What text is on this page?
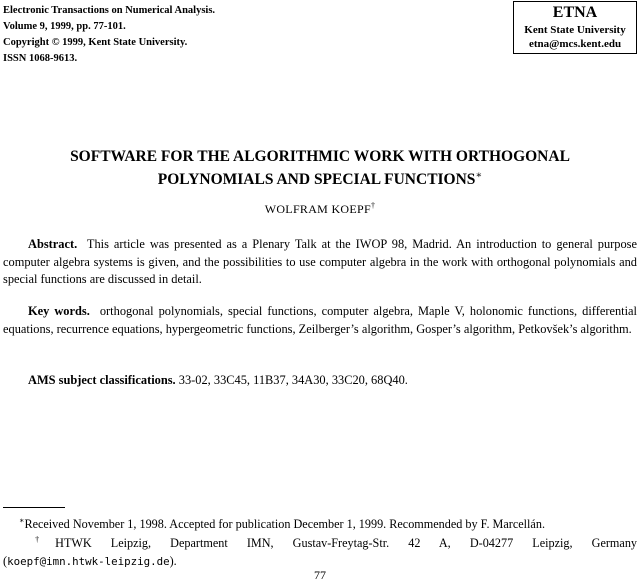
Electronic Transactions on Numerical Analysis.
Volume 9, 1999, pp. 77-101.
Copyright © 1999, Kent State University.
ISSN 1068-9613.
ETNA
Kent State University
etna@mcs.kent.edu
SOFTWARE FOR THE ALGORITHMIC WORK WITH ORTHOGONAL
POLYNOMIALS AND SPECIAL FUNCTIONS∗
WOLFRAM KOEPF†
Abstract. This article was presented as a Plenary Talk at the IWOP 98, Madrid. An introduction to general purpose computer algebra systems is given, and the possibilities to use computer algebra in the work with orthogonal polynomials and special functions are discussed in detail.
Key words. orthogonal polynomials, special functions, computer algebra, Maple V, holonomic functions, differential equations, recurrence equations, hypergeometric functions, Zeilberger’s algorithm, Gosper’s algorithm, Petkovšek’s algorithm.
AMS subject classifications. 33-02, 33C45, 11B37, 34A30, 33C20, 68Q40.
∗Received November 1, 1998. Accepted for publication December 1, 1999. Recommended by F. Marcellán.
†HTWK Leipzig, Department IMN, Gustav-Freytag-Str. 42 A, D-04277 Leipzig, Germany
(koepf@imn.htwk-leipzig.de).
77
